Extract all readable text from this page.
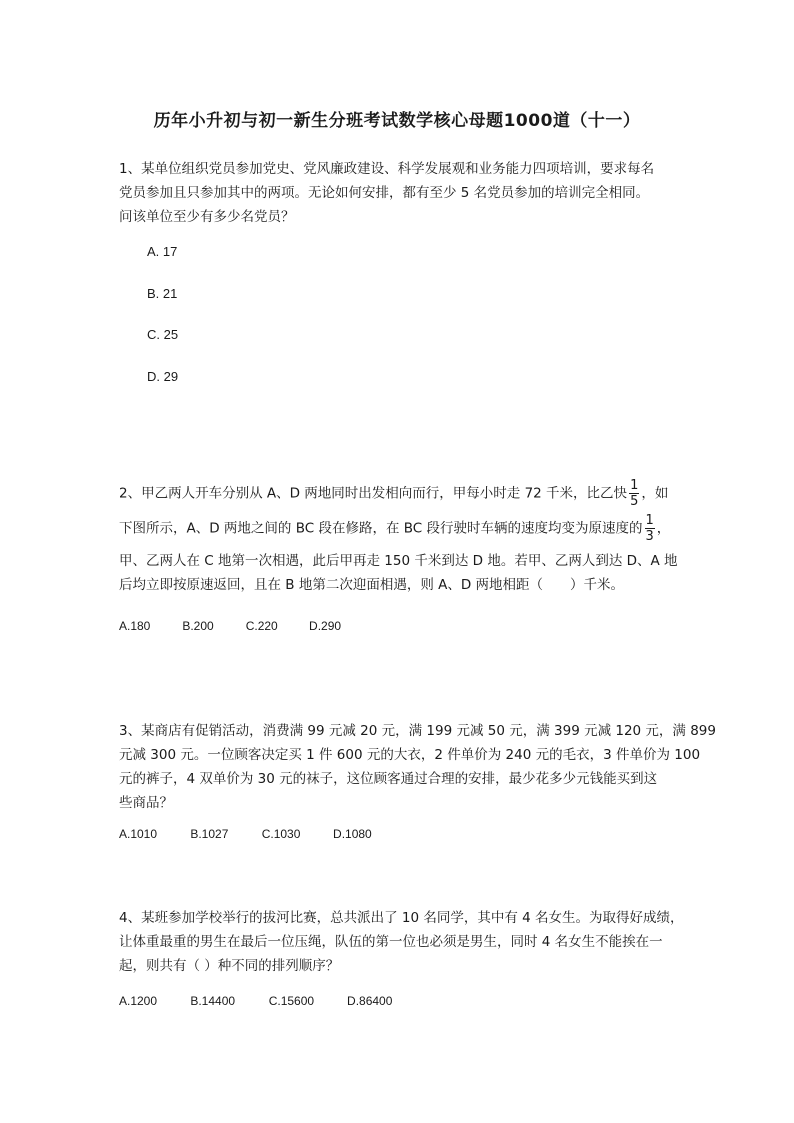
历年小升初与初一新生分班考试数学核心母题1000道（十一）
1、某单位组织党员参加党史、党风廉政建设、科学发展观和业务能力四项培训，要求每名
党员参加且只参加其中的两项。无论如何安排，都有至少 5 名党员参加的培训完全相同。
问该单位至少有多少名党员？
A. 17
B. 21
C. 25
D. 29
2、甲乙两人开车分别从 A、D 两地同时出发相向而行，甲每小时走 72 千米，比乙快 $\frac{1}{5}$ ，如
下图所示，A、D 两地之间的 BC 段在修路，在 BC 段行驶时车辆的速度均变为原速度的 $\frac{1}{3}$ ，
甲、乙两人在 C 地第一次相遇，此后甲再走 150 千米到达 D 地。若甲、乙两人到达 D、A 地
后均立即按原速返回，且在 B 地第二次迎面相遇，则 A、D 两地相距（　　）千米。
A.180	B.200	C.220	D.290
3、某商店有促销活动，消费满 99 元减 20 元，满 199 元减 50 元，满 399 元减 120 元，满 899
元减 300 元。一位顾客决定买 1 件 600 元的大衣，2 件单价为 240 元的毛衣，3 件单价为 100
元的裤子，4 双单价为 30 元的袜子，这位顾客通过合理的安排，最少花多少元钱能买到这
些商品？
A.1010	B.1027	C.1030	D.1080
4、某班参加学校举行的拔河比赛，总共派出了 10 名同学，其中有 4 名女生。为取得好成绩，
让体重最重的男生在最后一位压绳，队伍的第一位也必须是男生，同时 4 名女生不能挨在一
起，则共有（ ）种不同的排列顺序？
A.1200	B.14400	C.15600	D.86400
